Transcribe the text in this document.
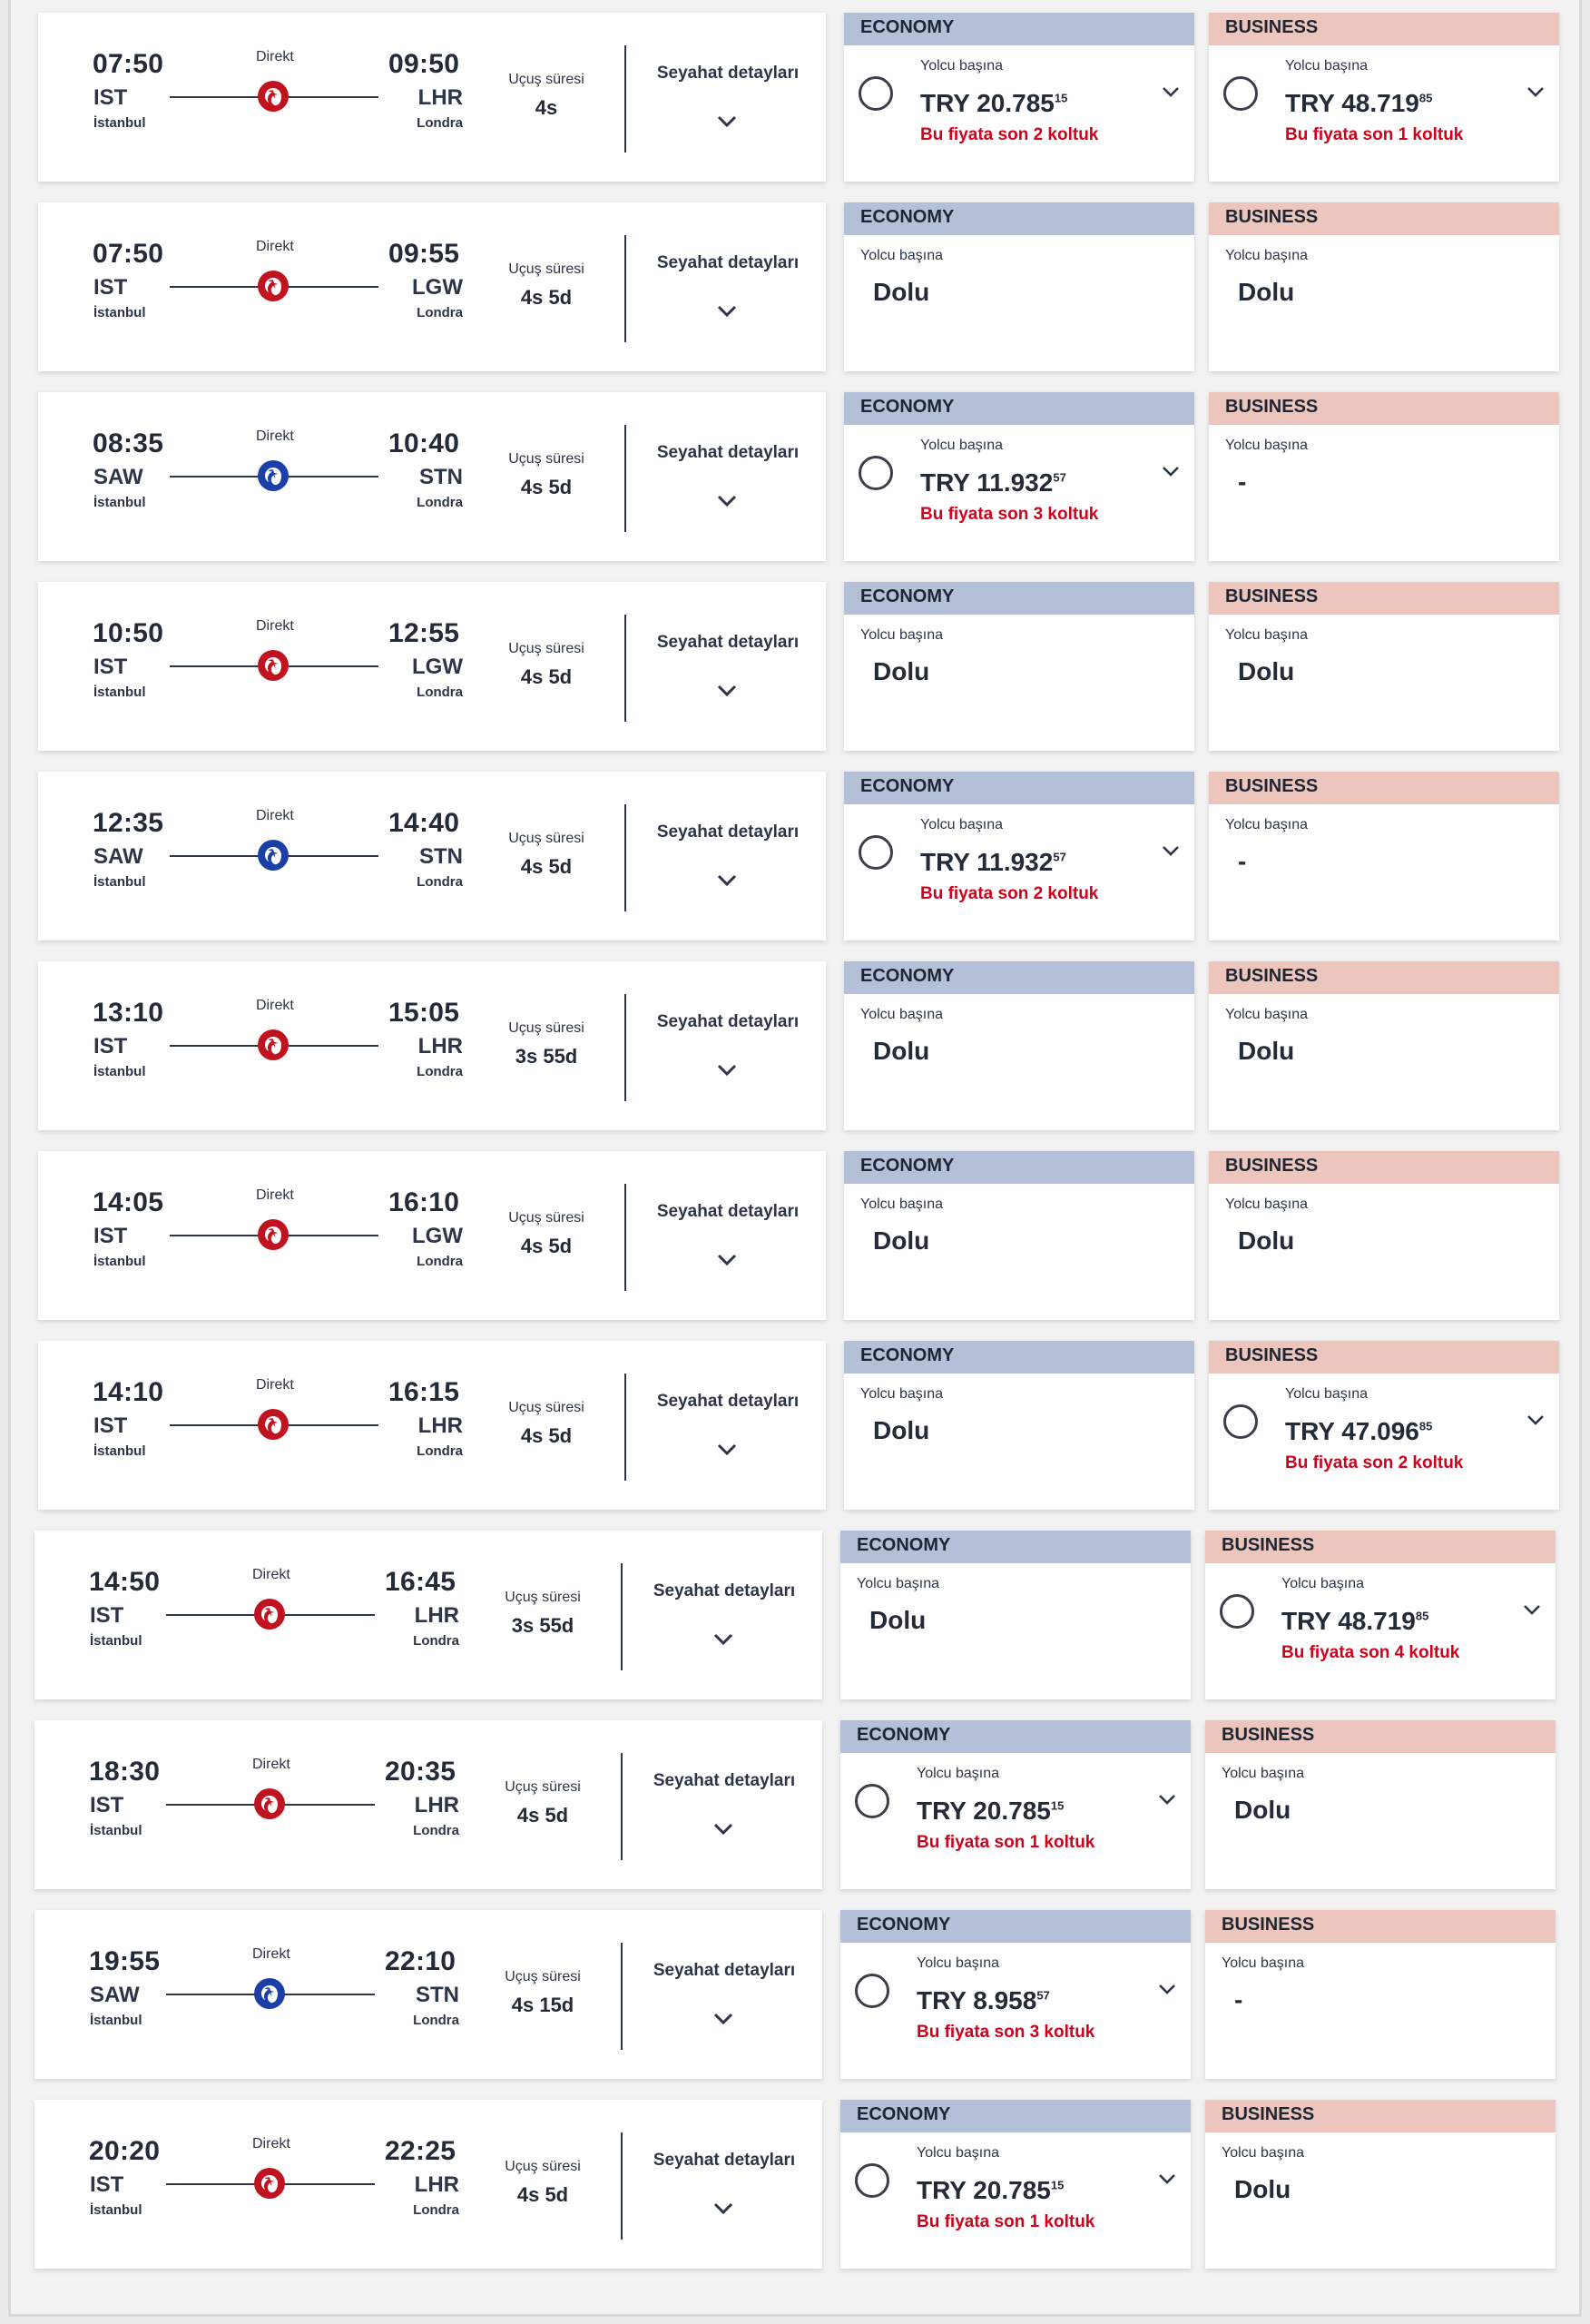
07:50
IST
İstanbul
Direkt	09:50
LHR
Londra
Uçuş süresi
4s
Seyahat detayları
ECONOMY
Yolcu başına
TRY 20.785$^{15}$
Bu fiyata son 2 koltuk
BUSINESS
Yolcu başına
TRY 48.719$^{85}$
Bu fiyata son 1 koltuk
07:50
IST
İstanbul
Direkt	09:55
LGW
Londra
Uçuş süresi
4s 5d
Seyahat detayları
ECONOMY
Yolcu başına
Dolu
BUSINESS
Yolcu başına
Dolu
08:35
SAW
İstanbul
Direkt	10:40
STN
Londra
Uçuş süresi
4s 5d
Seyahat detayları
ECONOMY
Yolcu başına
TRY 11.932$^{57}$
Bu fiyata son 3 koltuk
BUSINESS
Yolcu başına
-
10:50
IST
İstanbul
Direkt	12:55
LGW
Londra
Uçuş süresi
4s 5d
Seyahat detayları
ECONOMY
Yolcu başına
Dolu
BUSINESS
Yolcu başına
Dolu
12:35
SAW
İstanbul
Direkt	14:40
STN
Londra
Uçuş süresi
4s 5d
Seyahat detayları
ECONOMY
Yolcu başına
TRY 11.932$^{57}$
Bu fiyata son 2 koltuk
BUSINESS
Yolcu başına
-
13:10
IST
İstanbul
Direkt	15:05
LHR
Londra
Uçuş süresi
3s 55d
Seyahat detayları
ECONOMY
Yolcu başına
Dolu
BUSINESS
Yolcu başına
Dolu
14:05
IST
İstanbul
Direkt	16:10
LGW
Londra
Uçuş süresi
4s 5d
Seyahat detayları
ECONOMY
Yolcu başına
Dolu
BUSINESS
Yolcu başına
Dolu
14:10
IST
İstanbul
Direkt	16:15
LHR
Londra
Uçuş süresi
4s 5d
Seyahat detayları
ECONOMY
Yolcu başına
Dolu
BUSINESS
Yolcu başına
TRY 47.096$^{85}$
Bu fiyata son 2 koltuk
14:50
IST
İstanbul
Direkt	16:45
LHR
Londra
Uçuş süresi
3s 55d
Seyahat detayları
ECONOMY
Yolcu başına
Dolu
BUSINESS
Yolcu başına
TRY 48.719$^{85}$
Bu fiyata son 4 koltuk
18:30
IST
İstanbul
Direkt	20:35
LHR
Londra
Uçuş süresi
4s 5d
Seyahat detayları
ECONOMY
Yolcu başına
TRY 20.785$^{15}$
Bu fiyata son 1 koltuk
BUSINESS
Yolcu başına
Dolu
19:55
SAW
İstanbul
Direkt	22:10
STN
Londra
Uçuş süresi
4s 15d
Seyahat detayları
ECONOMY
Yolcu başına
TRY 8.958$^{57}$
Bu fiyata son 3 koltuk
BUSINESS
Yolcu başına
-
20:20
IST
İstanbul
Direkt	22:25
LHR
Londra
Uçuş süresi
4s 5d
Seyahat detayları
ECONOMY
Yolcu başına
TRY 20.785$^{15}$
Bu fiyata son 1 koltuk
BUSINESS
Yolcu başına
Dolu
